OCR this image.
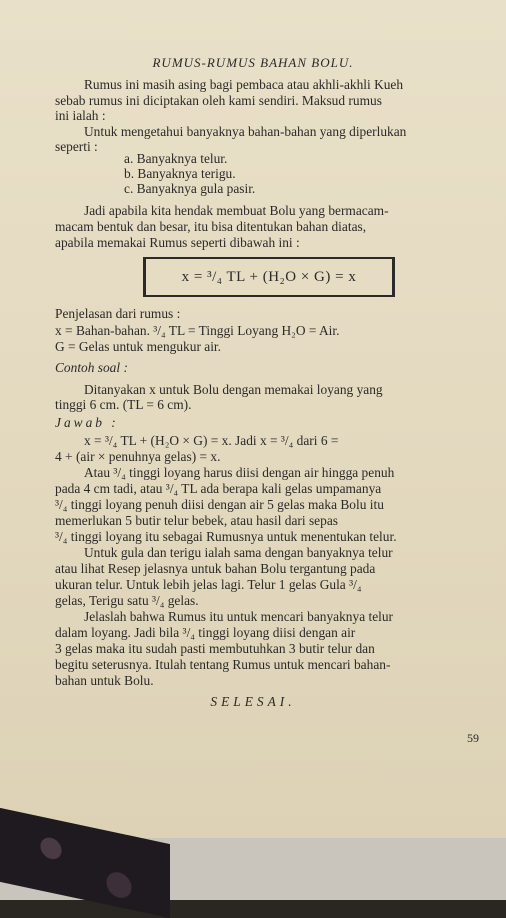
RUMUS-RUMUS BAHAN BOLU.
Rumus ini masih asing bagi pembaca atau akhli-akhli Kueh
sebab rumus ini diciptakan oleh kami sendiri. Maksud rumus
ini ialah :
Untuk mengetahui banyaknya bahan-bahan yang diperlukan
seperti :
a. Banyaknya telur.
b. Banyaknya terigu.
c. Banyaknya gula pasir.
Jadi apabila kita hendak membuat Bolu yang bermacam-
macam bentuk dan besar, itu bisa ditentukan bahan diatas,
apabila memakai Rumus seperti dibawah ini :
x = ³/₄ TL + (H₂O × G) = x
Penjelasan dari rumus :
x = Bahan-bahan. ³/₄ TL = Tinggi Loyang H₂O = Air.
G = Gelas untuk mengukur air.
Contoh soal :
Ditanyakan x untuk Bolu dengan memakai loyang yang
tinggi 6 cm. (TL = 6 cm).
Jawab :
x = ³/₄ TL + (H₂O × G) = x. Jadi x = ³/₄ dari 6 =
4 + (air × penuhnya gelas) = x.
Atau ³/₄ tinggi loyang harus diisi dengan air hingga penuh
pada 4 cm tadi, atau ³/₄ TL ada berapa kali gelas umpamanya
³/₄ tinggi loyang penuh diisi dengan air 5 gelas maka Bolu itu
memerlukan 5 butir telur bebek, atau hasil dari sepas
³/₄ tinggi loyang itu sebagai Rumusnya untuk menentukan telur.
Untuk gula dan terigu ialah sama dengan banyaknya telur
atau lihat Resep jelasnya untuk bahan Bolu tergantung pada
ukuran telur. Untuk lebih jelas lagi. Telur 1 gelas Gula ³/₄
gelas, Terigu satu ³/₄ gelas.
Jelaslah bahwa Rumus itu untuk mencari banyaknya telur
dalam loyang. Jadi bila ³/₄ tinggi loyang diisi dengan air
3 gelas maka itu sudah pasti membutuhkan 3 butir telur dan
begitu seterusnya. Itulah tentang Rumus untuk mencari bahan-
bahan untuk Bolu.
SELESAI.
59
